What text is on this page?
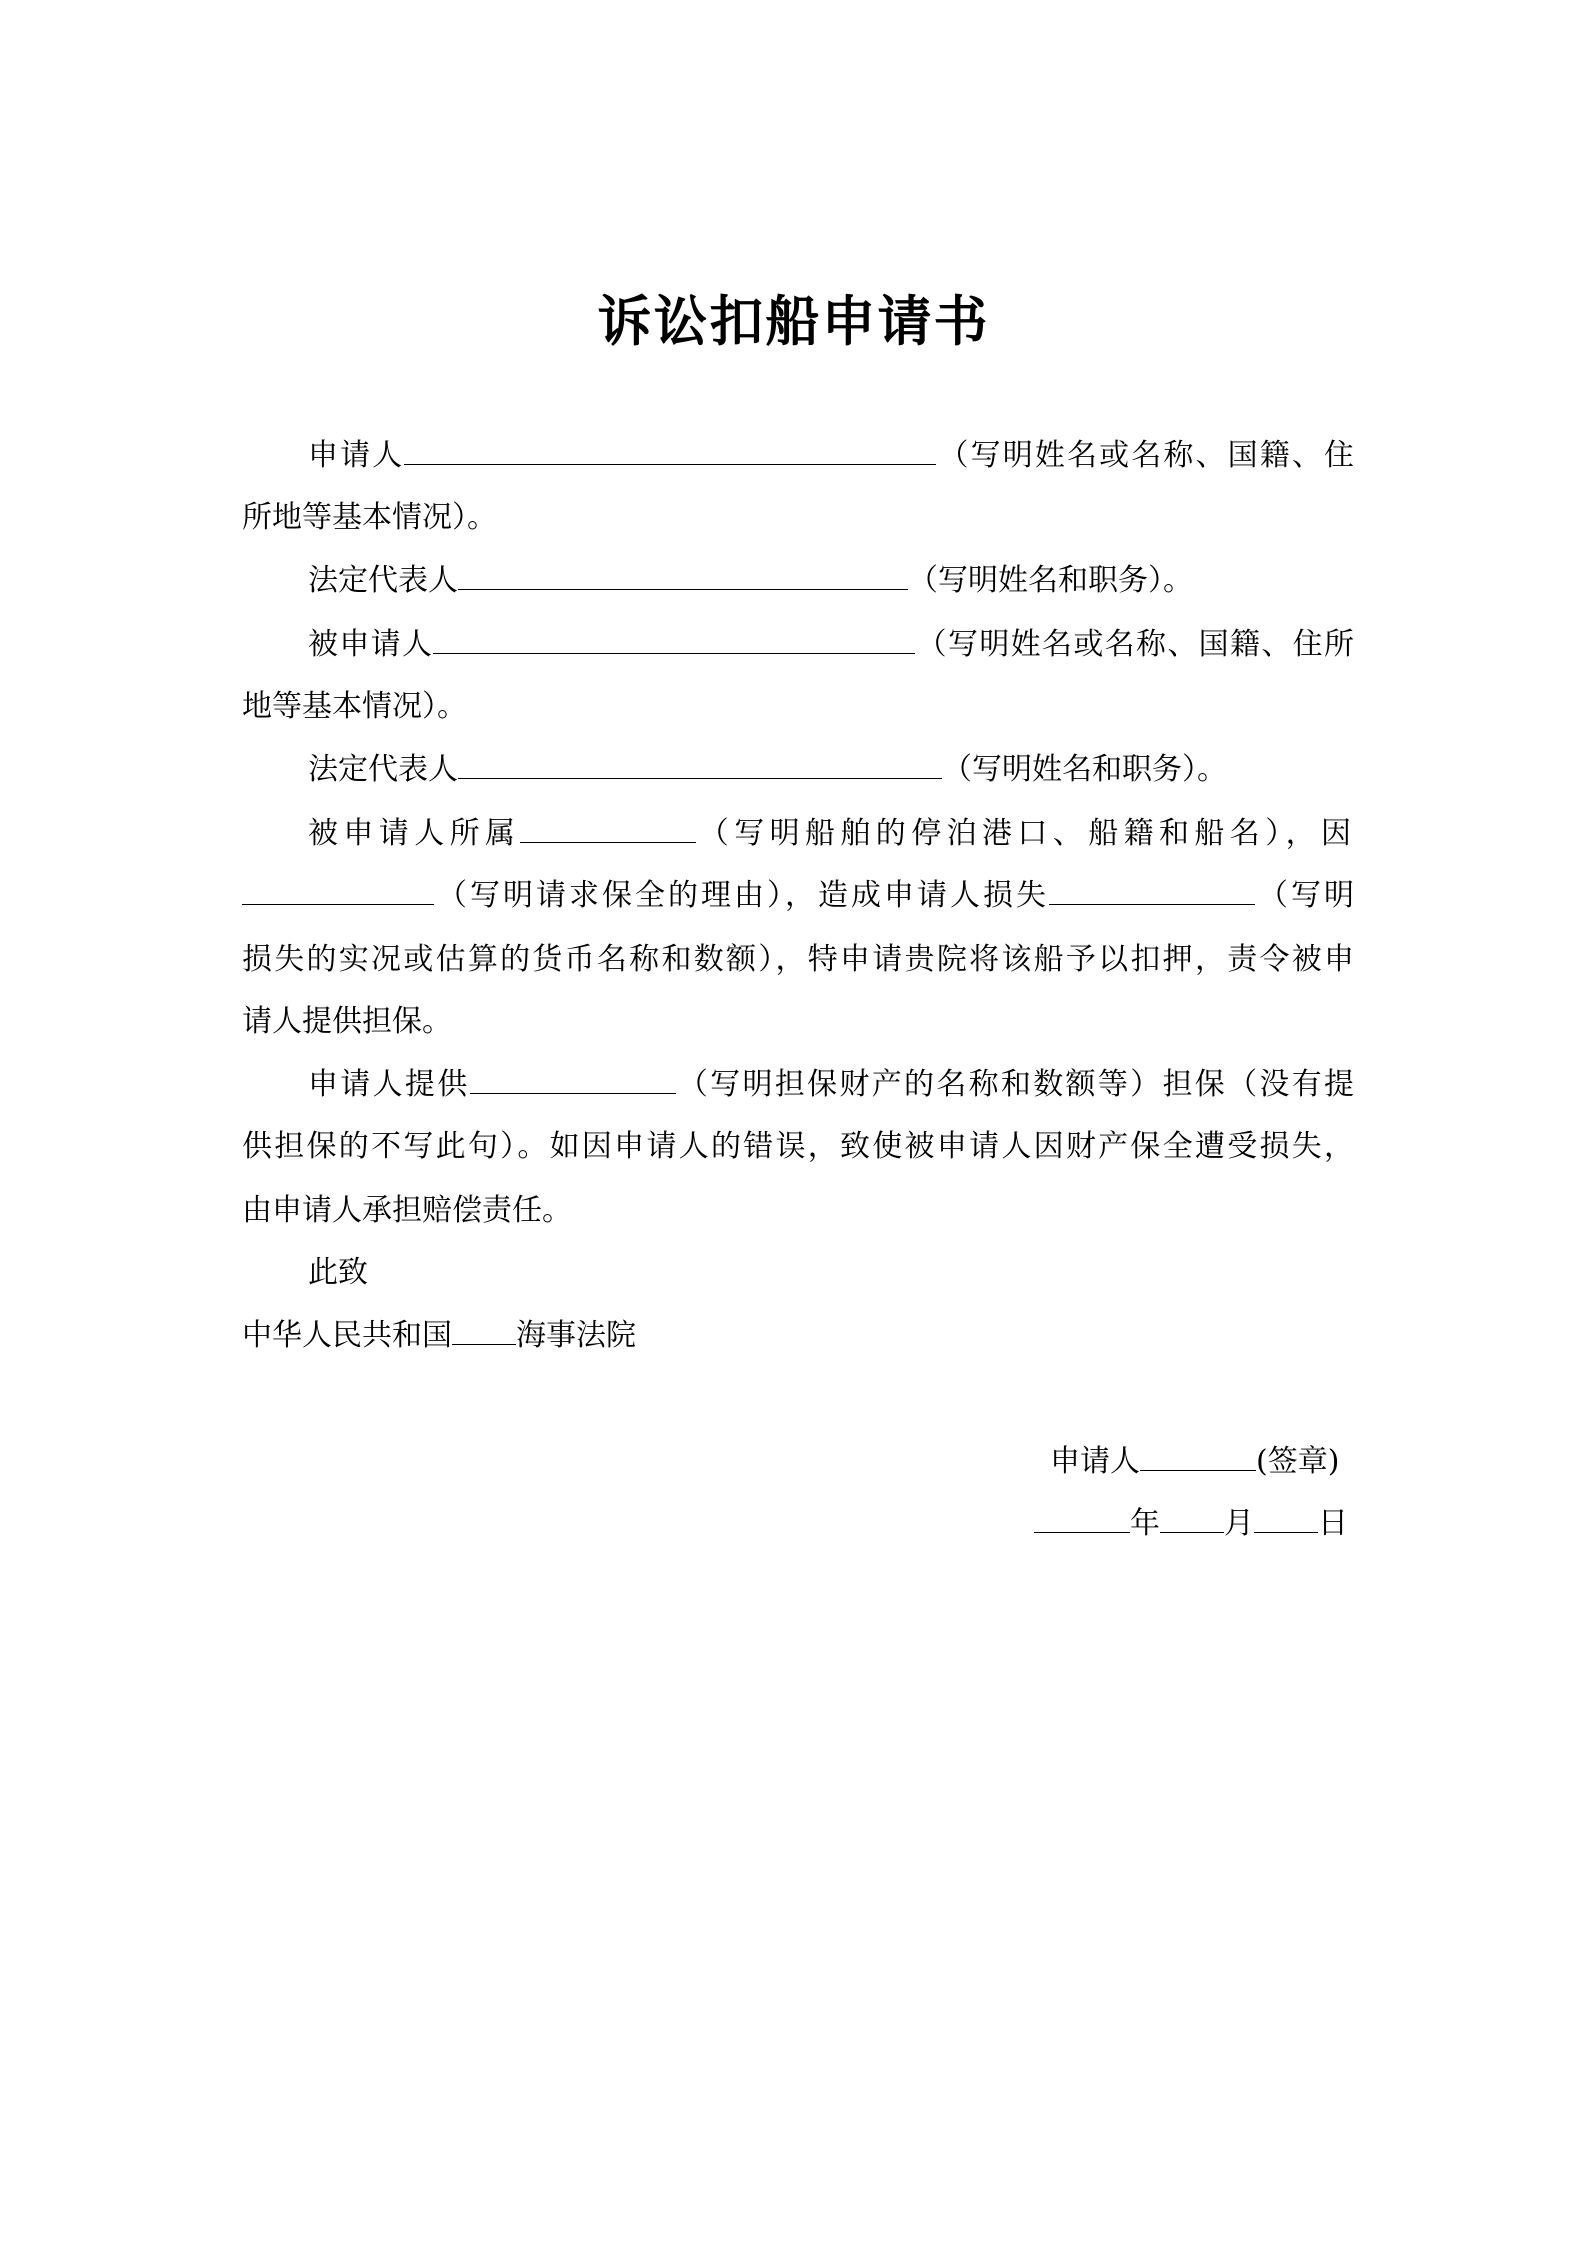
诉讼扣船申请书
申请人	（写明姓名或名称、国籍、住
所地等基本情况）。
法定代表人	（写明姓名和职务）。
被申请人	（写明姓名或名称、国籍、住所
地等基本情况）。
法定代表人	（写明姓名和职务）。
被申请人所属	（写明船舶的停泊港口、船籍和船名），因
（写明请求保全的理由），造成申请人损失	（写明
损失的实况或估算的货币名称和数额），特申请贵院将该船予以扣押，责令被申
请人提供担保。
申请人提供	（写明担保财产的名称和数额等）担保（没有提
供担保的不写此句）。如因申请人的错误，致使被申请人因财产保全遭受损失，
由申请人承担赔偿责任。
此致
中华人民共和国 海事法院
申请人	(签章)
年 月 日
